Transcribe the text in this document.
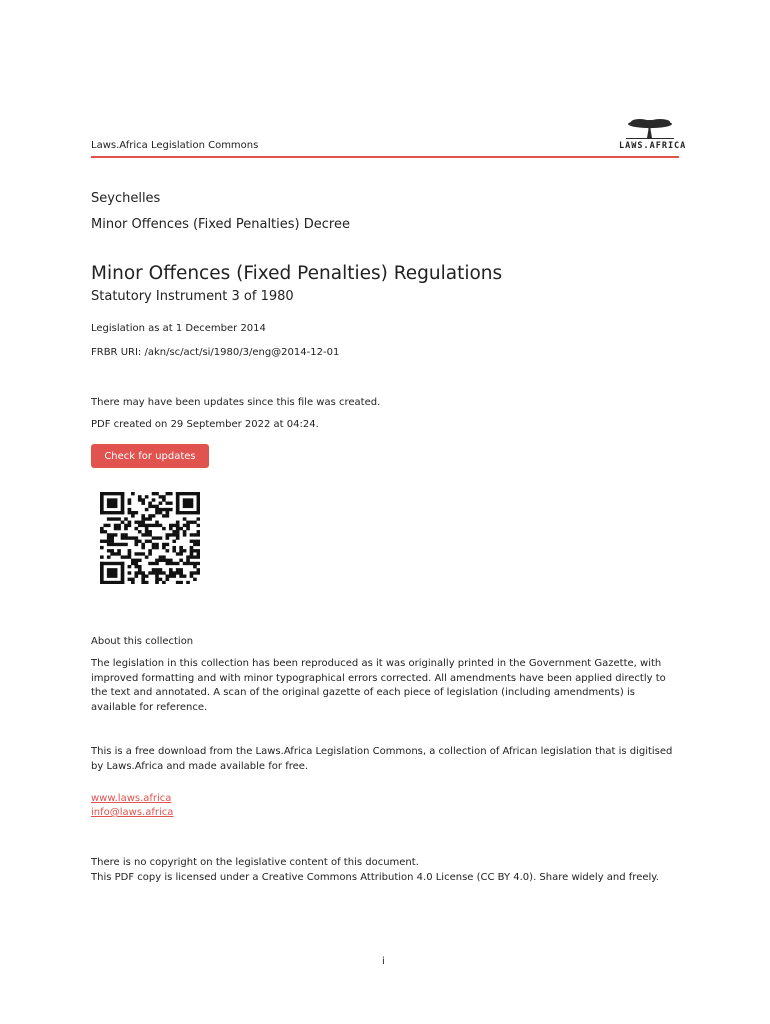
Laws.Africa Legislation Commons	LAWS.AFRICA
Seychelles
Minor Offences (Fixed Penalties) Decree
Minor Offences (Fixed Penalties) Regulations
Statutory Instrument 3 of 1980
Legislation as at 1 December 2014
FRBR URI: /akn/sc/act/si/1980/3/eng@2014-12-01
There may have been updates since this file was created.
PDF created on 29 September 2022 at 04:24.
Check for updates
About this collection
The legislation in this collection has been reproduced as it was originally printed in the Government Gazette, with improved formatting and with minor typographical errors corrected. All amendments have been applied directly to the text and annotated. A scan of the original gazette of each piece of legislation (including amendments) is available for reference.
This is a free download from the Laws.Africa Legislation Commons, a collection of African legislation that is digitised by Laws.Africa and made available for free.
www.laws.africa
info@laws.africa
There is no copyright on the legislative content of this document.
This PDF copy is licensed under a Creative Commons Attribution 4.0 License (CC BY 4.0). Share widely and freely.
i
